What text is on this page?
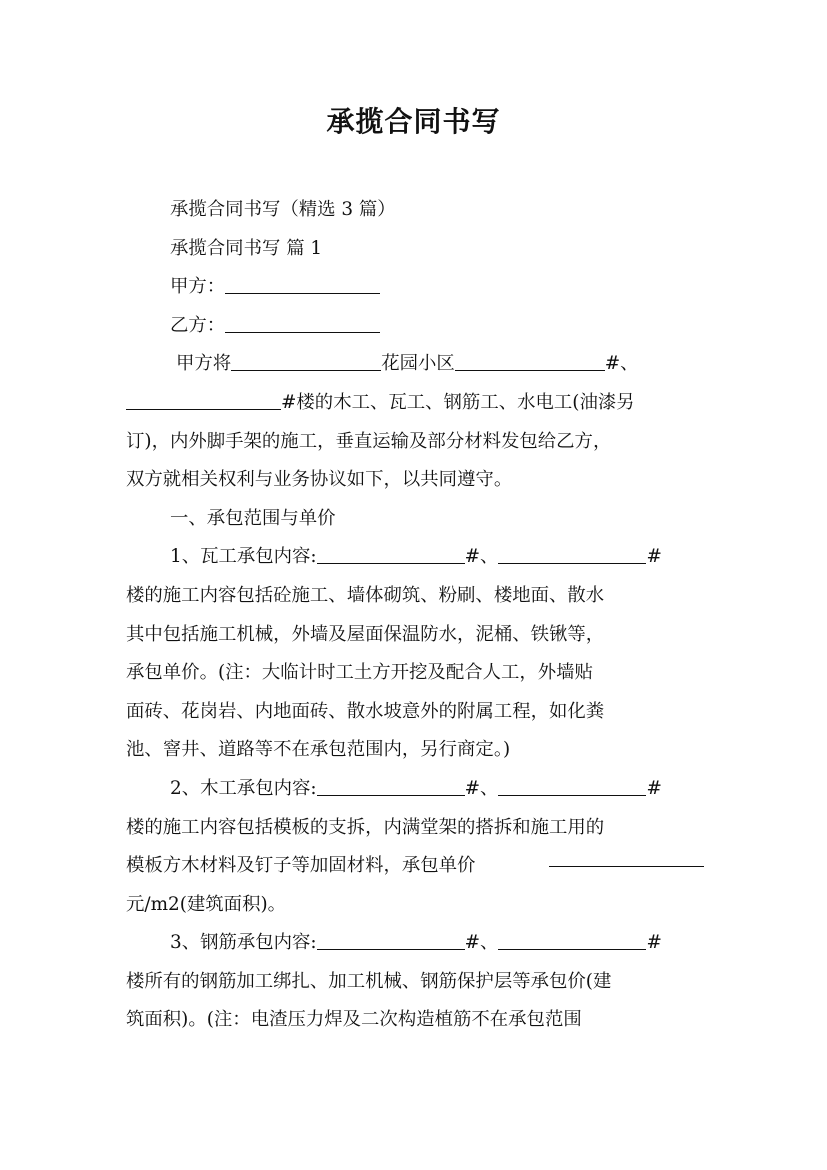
承揽合同书写
承揽合同书写（精选 3 篇）
承揽合同书写 篇 1
甲方：
乙方：
甲方将	花园小区	#、
#楼的木工、瓦工、钢筋工、水电工(油漆另
订)，内外脚手架的施工，垂直运输及部分材料发包给乙方，
双方就相关权利与业务协议如下，以共同遵守。
一、承包范围与单价
1、瓦工承包内容:	#、	#
楼的施工内容包括砼施工、墙体砌筑、粉刷、楼地面、散水
其中包括施工机械，外墙及屋面保温防水，泥桶、铁锹等，
承包单价。(注：大临计时工土方开挖及配合人工，外墙贴
面砖、花岗岩、内地面砖、散水坡意外的附属工程，如化粪
池、窨井、道路等不在承包范围内，另行商定。)
2、木工承包内容:	#、	#
楼的施工内容包括模板的支拆，内满堂架的搭拆和施工用的
模板方木材料及钉子等加固材料，承包单价
元/m2(建筑面积)。
3、钢筋承包内容:	#、	#
楼所有的钢筋加工绑扎、加工机械、钢筋保护层等承包价(建
筑面积)。(注：电渣压力焊及二次构造植筋不在承包范围
